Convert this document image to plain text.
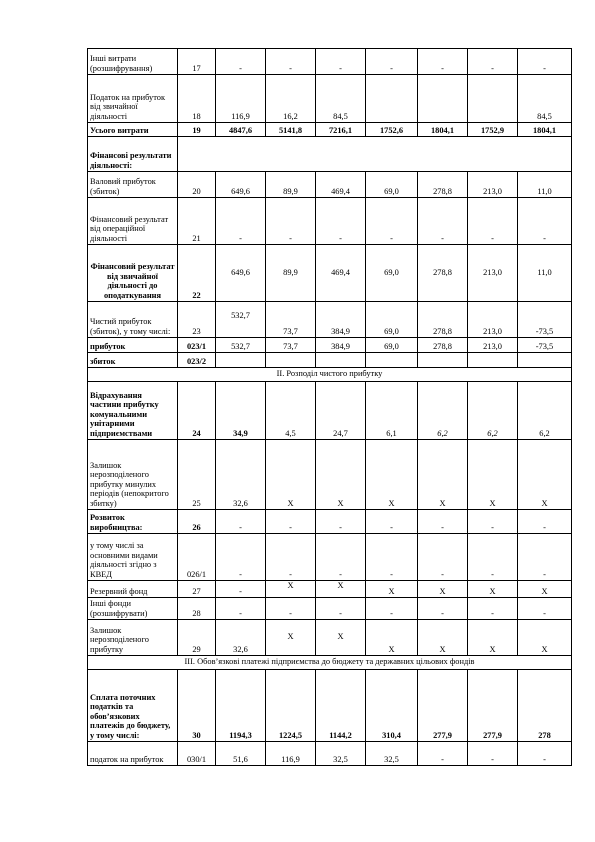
Інші витрати (розшифрування)	17	-	-	-	-	-	-	-
Податок на прибуток від звичайної діяльності	18	116,9	16,2	84,5				84,5
Усього витрати	19	4847,6	5141,8	7216,1	1752,6	1804,1	1752,9	1804,1
Фінансові результати діяльності:								
Валовий прибуток (збиток)	20	649,6	89,9	469,4	69,0	278,8	213,0	11,0
Фінансовий результат від операційної діяльності	21	-	-	-	-	-	-	-
Фінансовий результат від звичайної діяльності до оподаткування	22	649,6	89,9	469,4	69,0	278,8	213,0	11,0
Чистий прибуток (збиток), у тому числі:	23	532,7	73,7	384,9	69,0	278,8	213,0	-73,5
прибуток	023/1	532,7	73,7	384,9	69,0	278,8	213,0	-73,5
збиток	023/2							
ІІ. Розподіл чистого прибутку								
Відрахування частини прибутку комунальними унітарними підприємствами	24	34,9	4,5	24,7	6,1	6,2	6,2	6,2
Залишок нерозподіленого прибутку минулих періодів (непокритого збитку)	25	32,6	Х	Х	Х	Х	Х	Х
Розвиток виробництва:	26	-	-	-	-	-	-	-
у тому числі за основними видами діяльності згідно з КВЕД	026/1	-	-	-	-	-	-	-
Резервний фонд	27	-	Х	Х	Х	Х	Х	Х
Інші фонди (розшифрувати)	28	-	-	-	-	-	-	-
Залишок нерозподіленого прибутку	29	32,6	Х	Х	Х	Х	Х	Х
ІІІ. Обов’язкові платежі підприємства до бюджету та державних цільових фондів								
Сплата поточних податків та обов’язкових платежів до бюджету, у тому числі:	30	1194,3	1224,5	1144,2	310,4	277,9	277,9	278
податок на прибуток	030/1	51,6	116,9	32,5	32,5	-	-	-
